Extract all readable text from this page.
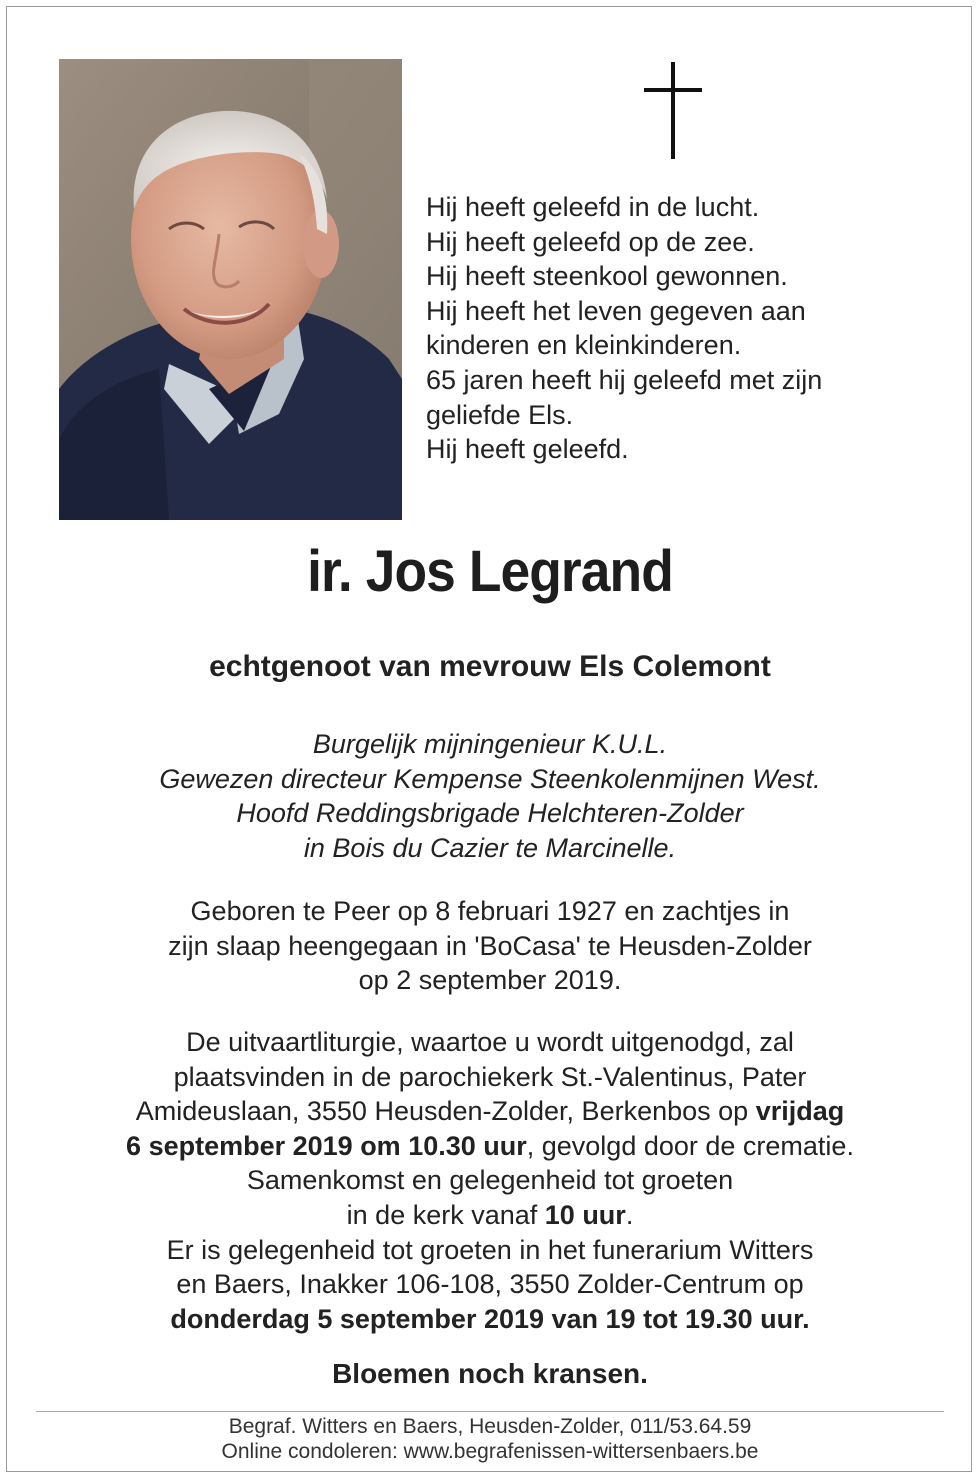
Hij heeft geleefd in de lucht.
Hij heeft geleefd op de zee.
Hij heeft steenkool gewonnen.
Hij heeft het leven gegeven aan
kinderen en kleinkinderen.
65 jaren heeft hij geleefd met zijn
geliefde Els.
Hij heeft geleefd.
ir. Jos Legrand
echtgenoot van mevrouw Els Colemont
Burgelijk mijningenieur K.U.L.
Gewezen directeur Kempense Steenkolenmijnen West.
Hoofd Reddingsbrigade Helchteren-Zolder
in Bois du Cazier te Marcinelle.
Geboren te Peer op 8 februari 1927 en zachtjes in
zijn slaap heengegaan in 'BoCasa' te Heusden-Zolder
op 2 september 2019.
De uitvaartliturgie, waartoe u wordt uitgenodgd, zal
plaatsvinden in de parochiekerk St.-Valentinus, Pater
Amideuslaan, 3550 Heusden-Zolder, Berkenbos op vrijdag
6 september 2019 om 10.30 uur, gevolgd door de crematie.
Samenkomst en gelegenheid tot groeten
in de kerk vanaf 10 uur.
Er is gelegenheid tot groeten in het funerarium Witters
en Baers, Inakker 106-108, 3550 Zolder-Centrum op
donderdag 5 september 2019 van 19 tot 19.30 uur.
Bloemen noch kransen.
Begraf. Witters en Baers, Heusden-Zolder, 011/53.64.59
Online condoleren: www.begrafenissen-wittersenbaers.be
